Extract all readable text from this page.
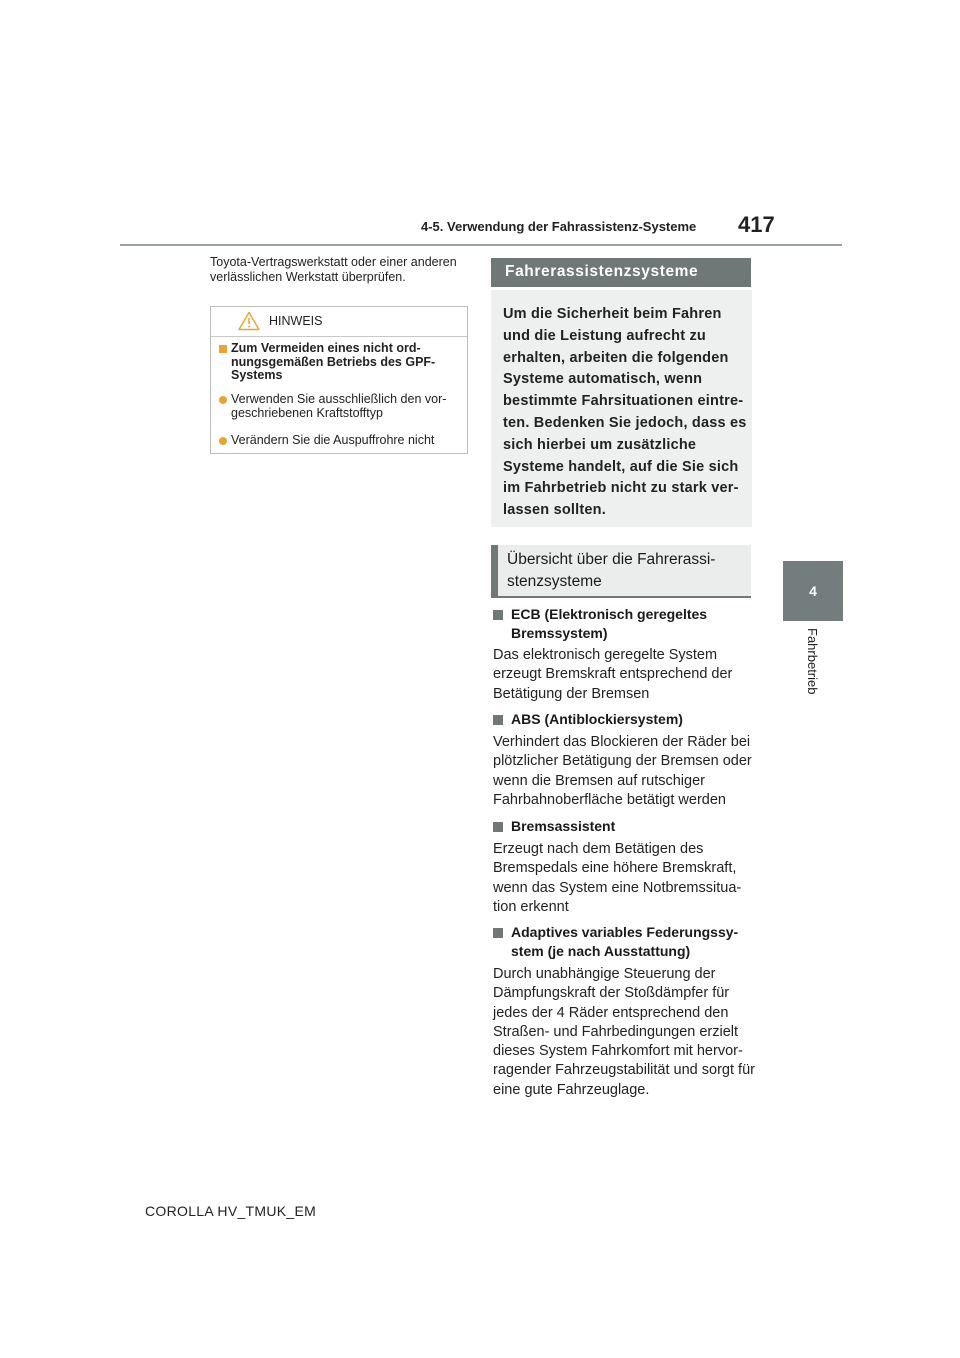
4-5. Verwendung der Fahrassistenz-Systeme 417
4
Fahrbetrieb
Toyota-Vertragswerkstatt oder einer anderen verlässlichen Werkstatt überprüfen.
HINWEIS
Zum Vermeiden eines nicht ord-nungsgemäßen Betriebs des GPF-Systems
Verwenden Sie ausschließlich den vor-geschriebenen Kraftstofftyp
Verändern Sie die Auspuffrohre nicht
Fahrerassistenzsysteme
Um die Sicherheit beim Fahren und die Leistung aufrecht zu erhalten, arbeiten die folgenden Systeme automatisch, wenn bestimmte Fahrsituationen eintre-ten. Bedenken Sie jedoch, dass es sich hierbei um zusätzliche Systeme handelt, auf die Sie sich im Fahrbetrieb nicht zu stark ver-lassen sollten.
Übersicht über die Fahrerassi-stenzsysteme
ECB (Elektronisch geregeltes Bremssystem)
Das elektronisch geregelte System erzeugt Bremskraft entsprechend der Betätigung der Bremsen
ABS (Antiblockiersystem)
Verhindert das Blockieren der Räder bei plötzlicher Betätigung der Bremsen oder wenn die Bremsen auf rutschiger Fahrbahnoberfläche betätigt werden
Bremsassistent
Erzeugt nach dem Betätigen des Bremspedals eine höhere Bremskraft, wenn das System eine Notbremssitua-tion erkennt
Adaptives variables Federungssy-stem (je nach Ausstattung)
Durch unabhängige Steuerung der Dämpfungskraft der Stoßdämpfer für jedes der 4 Räder entsprechend den Straßen- und Fahrbedingungen erzielt dieses System Fahrkomfort mit hervor-ragender Fahrzeugstabilität und sorgt für eine gute Fahrzeuglage.
COROLLA HV_TMUK_EM
